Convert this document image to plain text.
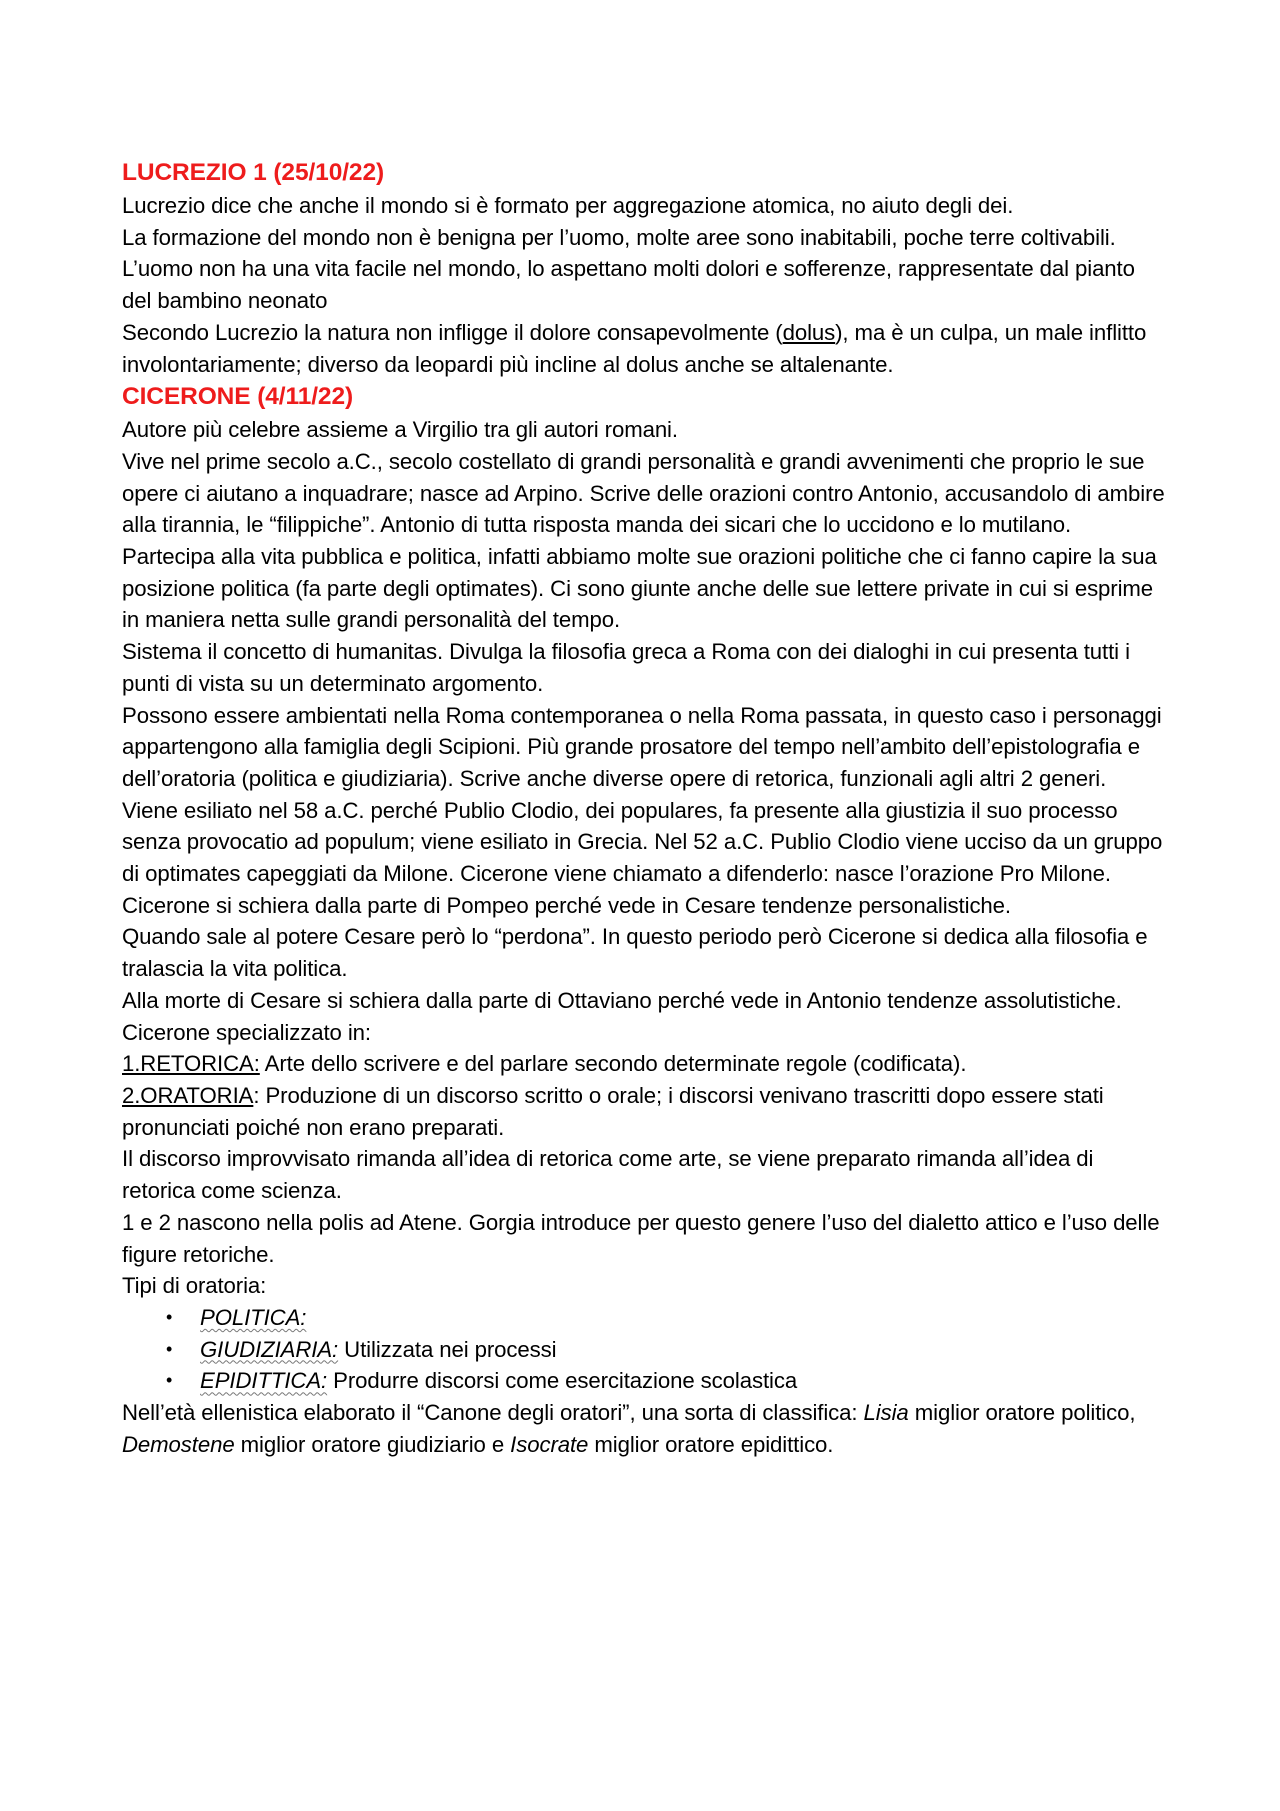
LUCREZIO 1 (25/10/22)

Lucrezio dice che anche il mondo si è formato per aggregazione atomica, no aiuto degli dei.

La formazione del mondo non è benigna per l’uomo, molte aree sono inabitabili, poche terre coltivabili.

L’uomo non ha una vita facile nel mondo, lo aspettano molti dolori e sofferenze, rappresentate dal pianto del bambino neonato

Secondo Lucrezio la natura non infligge il dolore consapevolmente (dolus), ma è un culpa, un male inflitto involontariamente; diverso da leopardi più incline al dolus anche se altalenante.

CICERONE (4/11/22)

Autore più celebre assieme a Virgilio tra gli autori romani.

Vive nel prime secolo a.C., secolo costellato di grandi personalità e grandi avvenimenti che proprio le sue opere ci aiutano a inquadrare; nasce ad Arpino. Scrive delle orazioni contro Antonio, accusandolo di ambire alla tirannia, le “filippiche”. Antonio di tutta risposta manda dei sicari che lo uccidono e lo mutilano.

Partecipa alla vita pubblica e politica, infatti abbiamo molte sue orazioni politiche che ci fanno capire la sua posizione politica (fa parte degli optimates). Ci sono giunte anche delle sue lettere private in cui si esprime in maniera netta sulle grandi personalità del tempo.

Sistema il concetto di humanitas. Divulga la filosofia greca a Roma con dei dialoghi in cui presenta tutti i punti di vista su un determinato argomento.

Possono essere ambientati nella Roma contemporanea o nella Roma passata, in questo caso i personaggi appartengono alla famiglia degli Scipioni. Più grande prosatore del tempo nell’ambito dell’epistolografia e dell’oratoria (politica e giudiziaria). Scrive anche diverse opere di retorica, funzionali agli altri 2 generi.

Viene esiliato nel 58 a.C. perché Publio Clodio, dei populares, fa presente alla giustizia il suo processo senza provocatio ad populum; viene esiliato in Grecia. Nel 52 a.C. Publio Clodio viene ucciso da un gruppo di optimates capeggiati da Milone. Cicerone viene chiamato a difenderlo: nasce l’orazione Pro Milone. Cicerone si schiera dalla parte di Pompeo perché vede in Cesare tendenze personalistiche.

Quando sale al potere Cesare però lo “perdona”. In questo periodo però Cicerone si dedica alla filosofia e tralascia la vita politica.

Alla morte di Cesare si schiera dalla parte di Ottaviano perché vede in Antonio tendenze assolutistiche.

Cicerone specializzato in:

1.RETORICA: Arte dello scrivere e del parlare secondo determinate regole (codificata).

2.ORATORIA: Produzione di un discorso scritto o orale; i discorsi venivano trascritti dopo essere stati pronunciati poiché non erano preparati.

Il discorso improvvisato rimanda all’idea di retorica come arte, se viene preparato rimanda all’idea di retorica come scienza.

1 e 2 nascono nella polis ad Atene. Gorgia introduce per questo genere l’uso del dialetto attico e l’uso delle figure retoriche.

Tipi di oratoria:

• POLITICA:
• GIUDIZIARIA: Utilizzata nei processi
• EPIDITTICA: Produrre discorsi come esercitazione scolastica

Nell’età ellenistica elaborato il “Canone degli oratori”, una sorta di classifica: Lisia miglior oratore politico, Demostene miglior oratore giudiziario e Isocrate miglior oratore epidittico.
